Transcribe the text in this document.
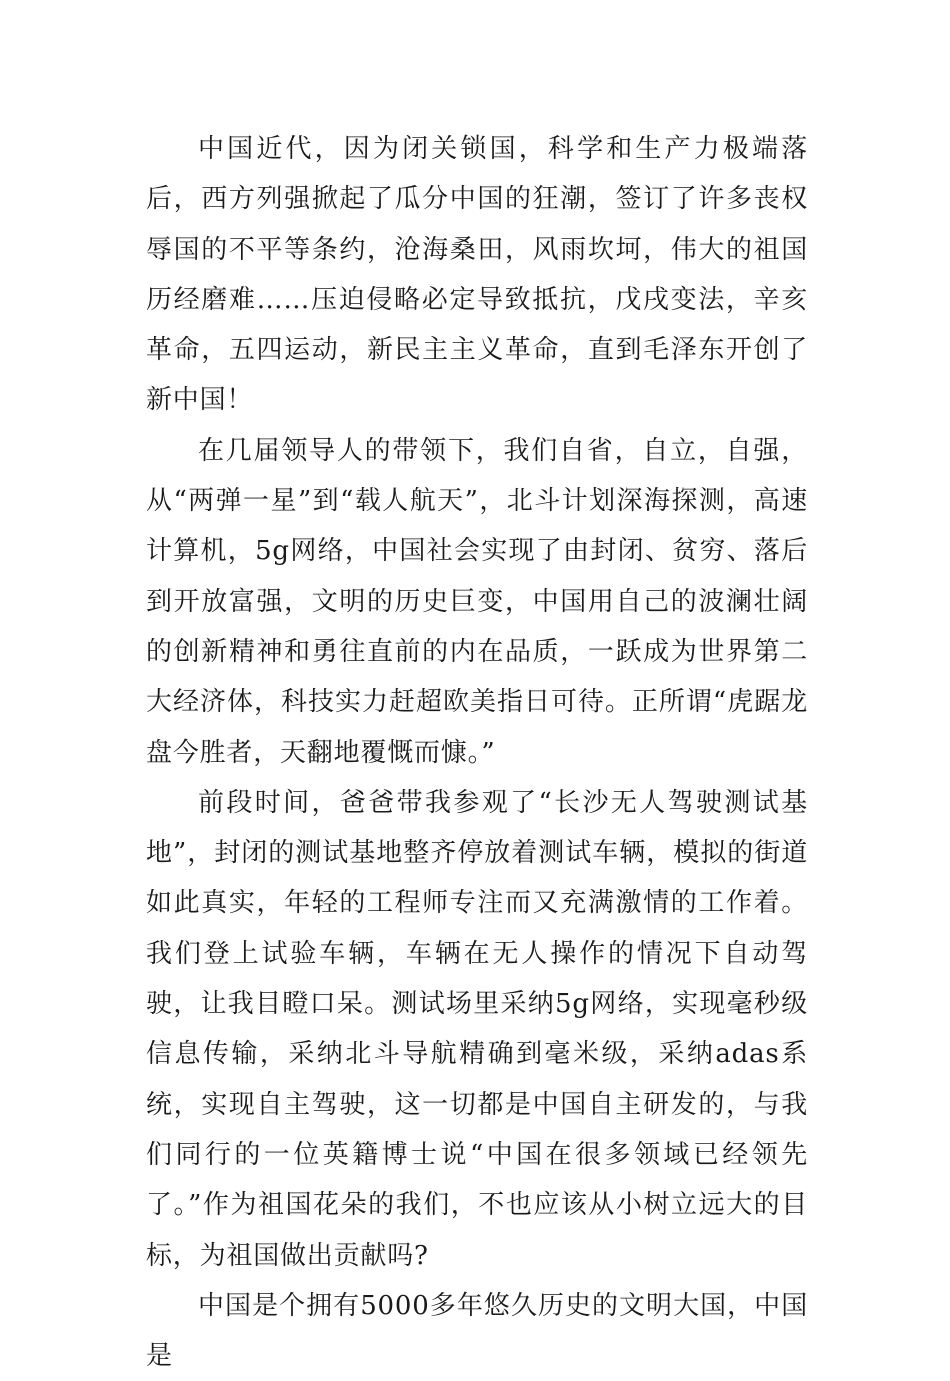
中国近代，因为闭关锁国，科学和生产力极端落后，西方列强掀起了瓜分中国的狂潮，签订了许多丧权辱国的不平等条约，沧海桑田，风雨坎坷，伟大的祖国历经磨难……压迫侵略必定导致抵抗，戊戌变法，辛亥革命，五四运动，新民主主义革命，直到毛泽东开创了新中国！

在几届领导人的带领下，我们自省，自立，自强，从“两弹一星”到“载人航天”，北斗计划深海探测，高速计算机，5g网络，中国社会实现了由封闭、贫穷、落后到开放富强，文明的历史巨变，中国用自己的波澜壮阔的创新精神和勇往直前的内在品质，一跃成为世界第二大经济体，科技实力赶超欧美指日可待。正所谓“虎踞龙盘今胜者，天翻地覆慨而慷。”

前段时间，爸爸带我参观了“长沙无人驾驶测试基地”，封闭的测试基地整齐停放着测试车辆，模拟的街道如此真实，年轻的工程师专注而又充满激情的工作着。我们登上试验车辆，车辆在无人操作的情况下自动驾驶，让我目瞪口呆。测试场里采纳5g网络，实现毫秒级信息传输，采纳北斗导航精确到毫米级，采纳adas系统，实现自主驾驶，这一切都是中国自主研发的，与我们同行的一位英籍博士说“中国在很多领域已经领先了。”作为祖国花朵的我们，不也应该从小树立远大的目标，为祖国做出贡献吗?

中国是个拥有5000多年悠久历史的文明大国，中国是
